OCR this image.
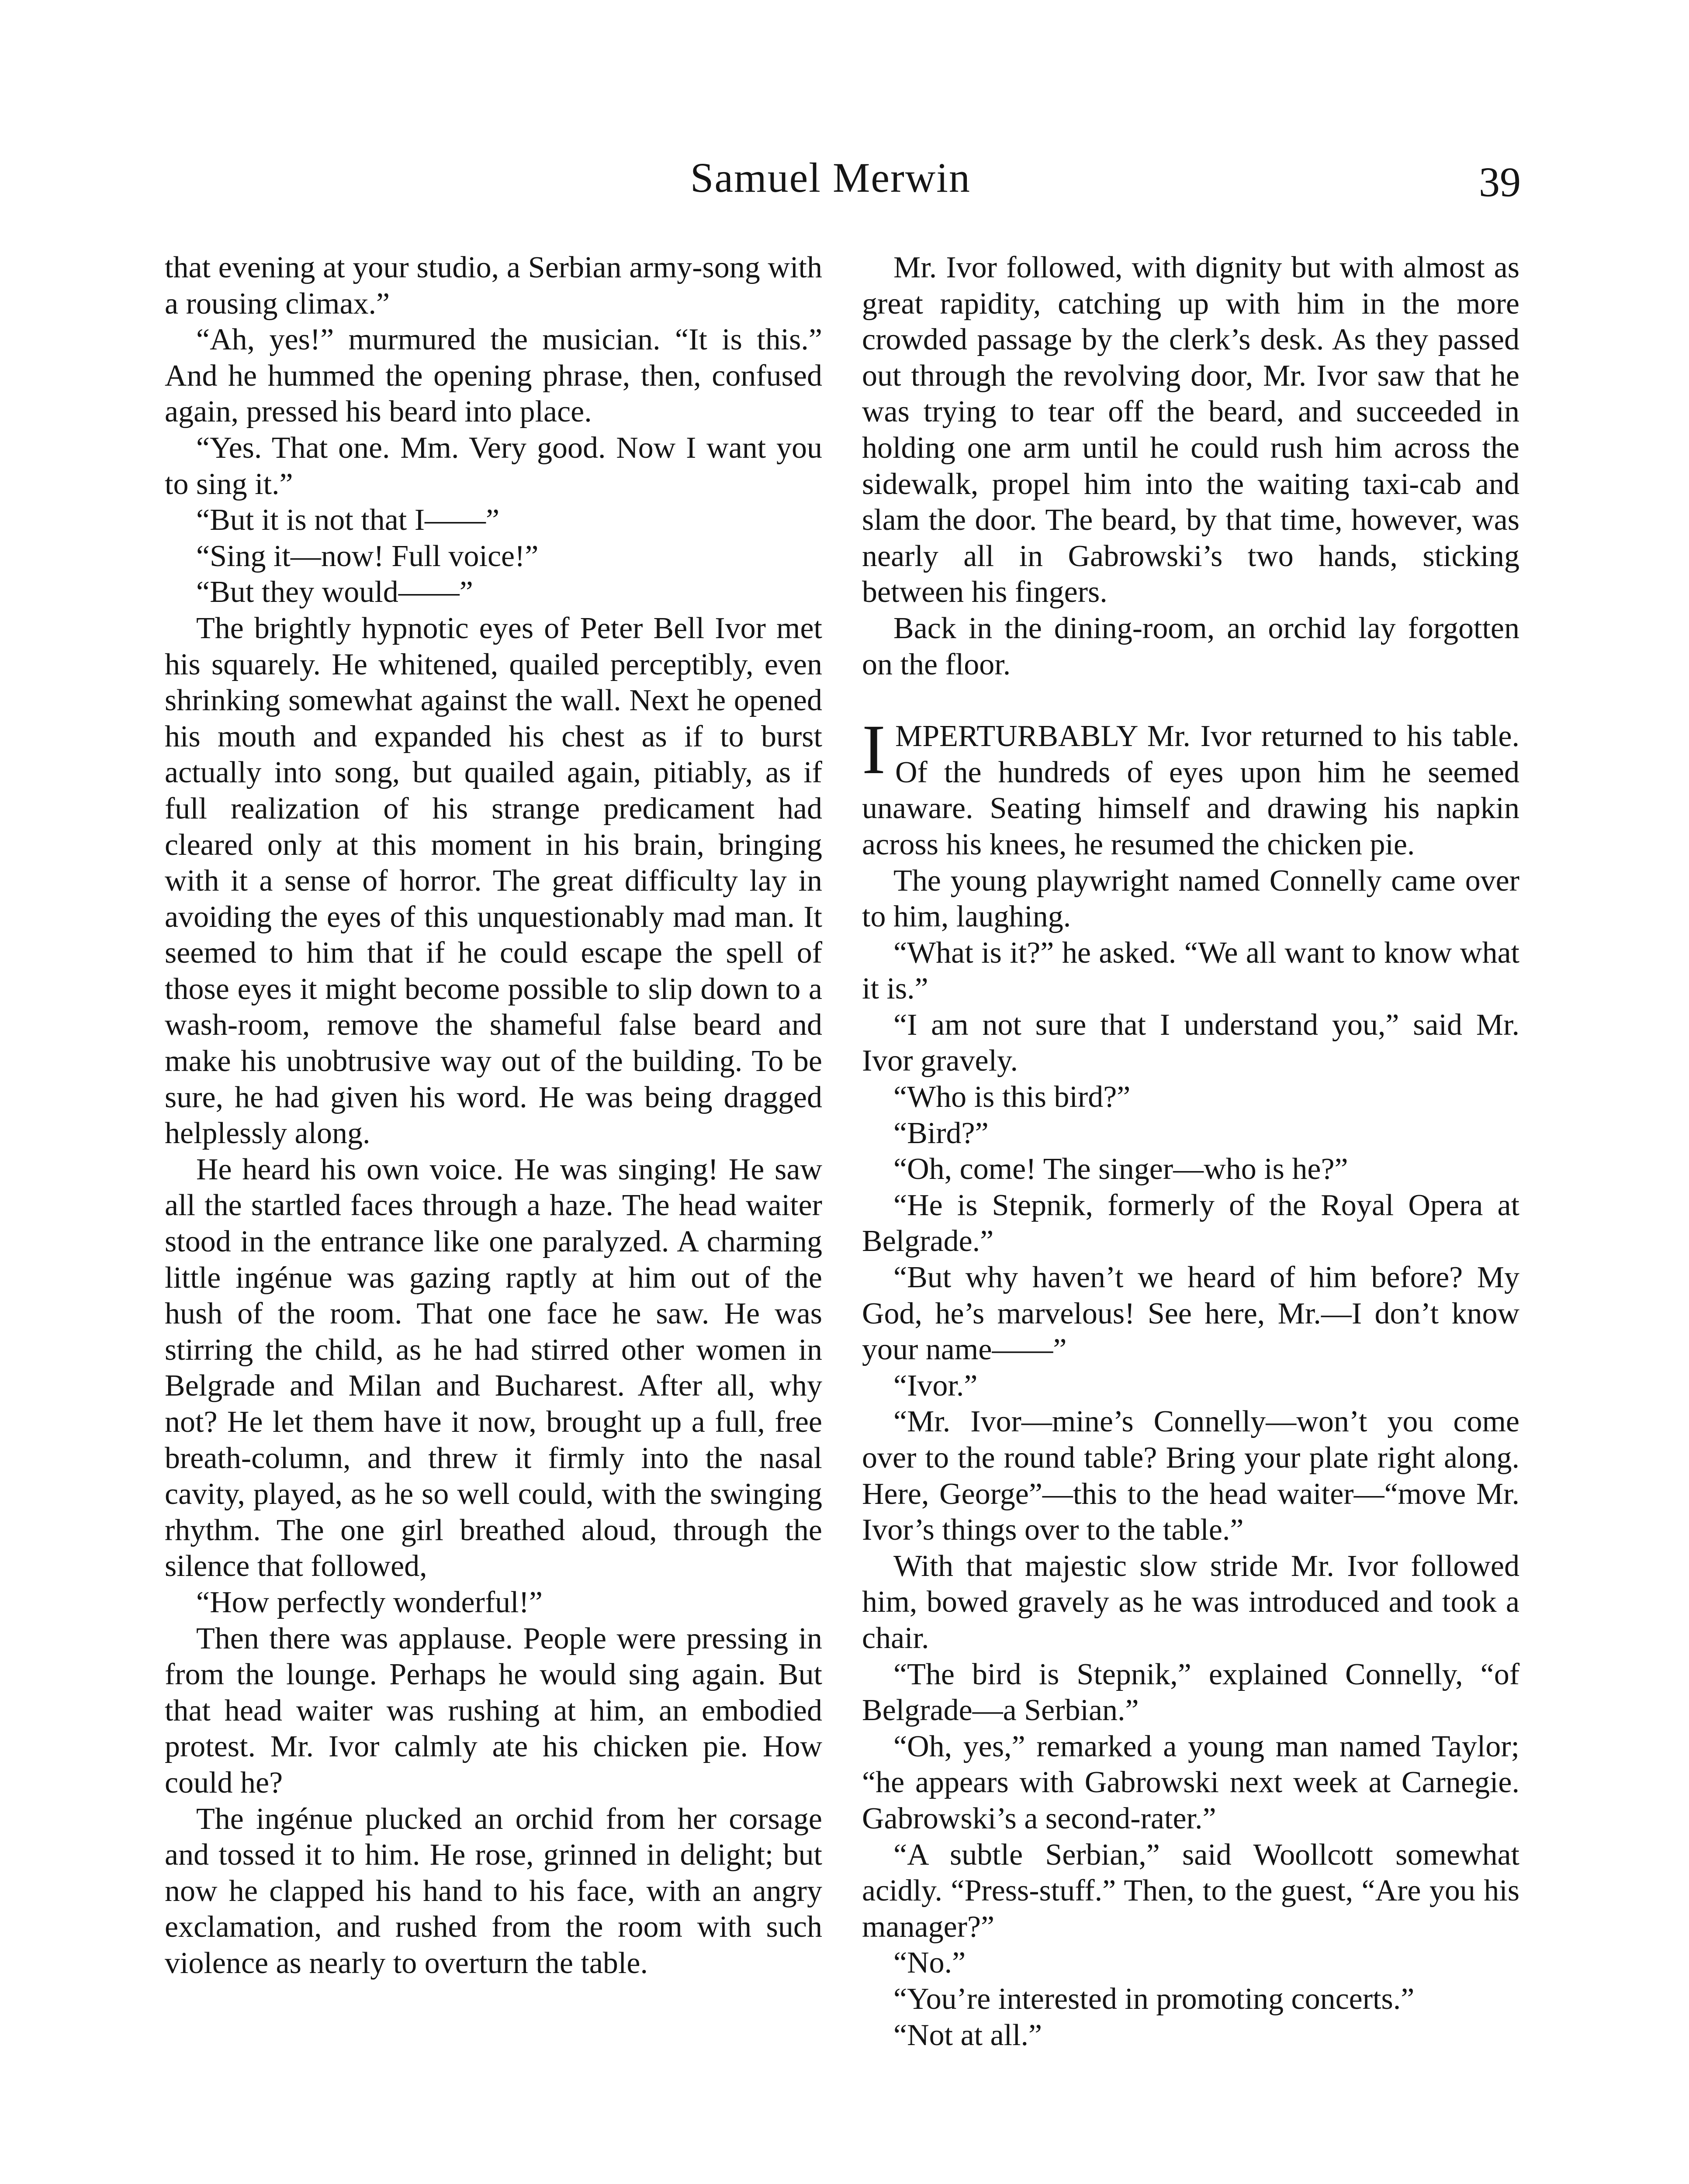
Samuel Merwin	39

that evening at your studio, a Serbian army-song with a rousing climax.”

“Ah, yes!” murmured the musician. “It is this.” And he hummed the opening phrase, then, confused again, pressed his beard into place.

“Yes. That one. Mm. Very good. Now I want you to sing it.”

“But it is not that I——”

“Sing it—now! Full voice!”

“But they would——”

The brightly hypnotic eyes of Peter Bell Ivor met his squarely. He whitened, quailed perceptibly, even shrinking somewhat against the wall. Next he opened his mouth and expanded his chest as if to burst actually into song, but quailed again, pitiably, as if full realization of his strange predicament had cleared only at this moment in his brain, bringing with it a sense of horror. The great difficulty lay in avoiding the eyes of this unquestionably mad man. It seemed to him that if he could escape the spell of those eyes it might become possible to slip down to a wash-room, remove the shameful false beard and make his unobtrusive way out of the building. To be sure, he had given his word. He was being dragged helplessly along.

He heard his own voice. He was singing! He saw all the startled faces through a haze. The head waiter stood in the entrance like one paralyzed. A charming little ingénue was gazing raptly at him out of the hush of the room. That one face he saw. He was stirring the child, as he had stirred other women in Belgrade and Milan and Bucharest. After all, why not? He let them have it now, brought up a full, free breath-column, and threw it firmly into the nasal cavity, played, as he so well could, with the swinging rhythm. The one girl breathed aloud, through the silence that followed,

“How perfectly wonderful!”

Then there was applause. People were pressing in from the lounge. Perhaps he would sing again. But that head waiter was rushing at him, an embodied protest. Mr. Ivor calmly ate his chicken pie. How could he?

The ingénue plucked an orchid from her corsage and tossed it to him. He rose, grinned in delight; but now he clapped his hand to his face, with an angry exclamation, and rushed from the room with such violence as nearly to overturn the table.

Mr. Ivor followed, with dignity but with almost as great rapidity, catching up with him in the more crowded passage by the clerk’s desk. As they passed out through the revolving door, Mr. Ivor saw that he was trying to tear off the beard, and succeeded in holding one arm until he could rush him across the sidewalk, propel him into the waiting taxi-cab and slam the door. The beard, by that time, however, was nearly all in Gabrowski’s two hands, sticking between his fingers.

Back in the dining-room, an orchid lay forgotten on the floor.

IMPERTURBABLY Mr. Ivor returned to his table. Of the hundreds of eyes upon him he seemed unaware. Seating himself and drawing his napkin across his knees, he resumed the chicken pie.

The young playwright named Connelly came over to him, laughing.

“What is it?” he asked. “We all want to know what it is.”

“I am not sure that I understand you,” said Mr. Ivor gravely.

“Who is this bird?”

“Bird?”

“Oh, come! The singer—who is he?”

“He is Stepnik, formerly of the Royal Opera at Belgrade.”

“But why haven’t we heard of him before? My God, he’s marvelous! See here, Mr.—I don’t know your name——”

“Ivor.”

“Mr. Ivor—mine’s Connelly—won’t you come over to the round table? Bring your plate right along. Here, George”—this to the head waiter—“move Mr. Ivor’s things over to the table.”

With that majestic slow stride Mr. Ivor followed him, bowed gravely as he was introduced and took a chair.

“The bird is Stepnik,” explained Connelly, “of Belgrade—a Serbian.”

“Oh, yes,” remarked a young man named Taylor; “he appears with Gabrowski next week at Carnegie. Gabrowski’s a second-rater.”

“A subtle Serbian,” said Woollcott somewhat acidly. “Press-stuff.” Then, to the guest, “Are you his manager?”

“No.”

“You’re interested in promoting concerts.”

“Not at all.”
